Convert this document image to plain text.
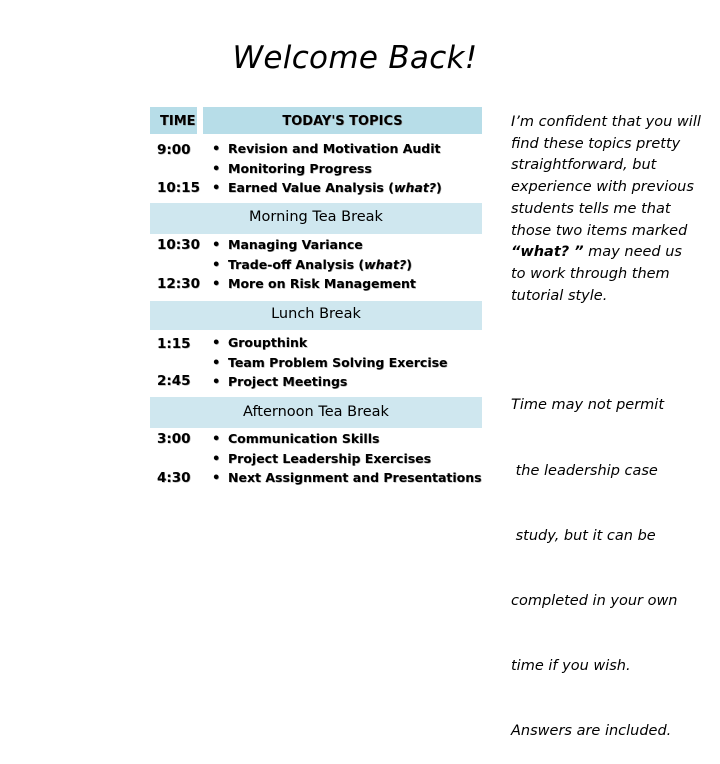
Welcome Back!
TIME	TODAY'S TOPICS
9:00
10:15
• Revision and Motivation Audit
• Monitoring Progress
• Earned Value Analysis (what?)
Morning Tea Break
10:30
12:30
• Managing Variance
• Trade-off Analysis (what?)
• More on Risk Management
Lunch Break
1:15
2:45
• Groupthink
• Team Problem Solving Exercise
• Project Meetings
Afternoon Tea Break
3:00
4:30
• Communication Skills
• Project Leadership Exercises
• Next Assignment and Presentations
I’m confident that you will find these topics pretty straightforward, but experience with previous students tells me that those two items marked “what? ” may need us to work through them tutorial style.

Time may not permit

the leadership case

study, but it can be

completed in your own

time if you wish.

Answers are included.
